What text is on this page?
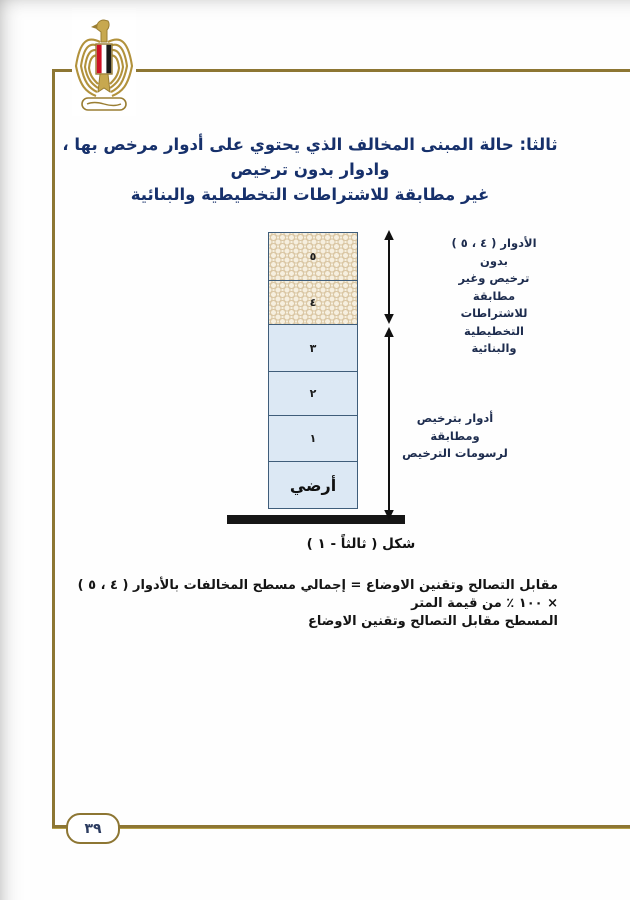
٣٩
ثالثا: حالة المبنى المخالف الذي يحتوي على أدوار مرخص بها ، وادوار بدون ترخيص
غير مطابقة للاشتراطات التخطيطية والبنائية
٥
٤
٣
٢
١
أرضي
الأدوار ( ٤ ، ٥ ) بدون
ترخيص وغير مطابقة
للاشتراطات التخطيطية
والبنائية
أدوار بترخيص ومطابقة
لرسومات الترخيص
شكل ( ثالثاً - ١ )
مقابل التصالح وتقنين الاوضاع = إجمالي مسطح المخالفات بالأدوار ( ٤ ، ٥ ) × ١٠٠ ٪ من قيمة المتر
المسطح مقابل التصالح وتقنين الاوضاع
